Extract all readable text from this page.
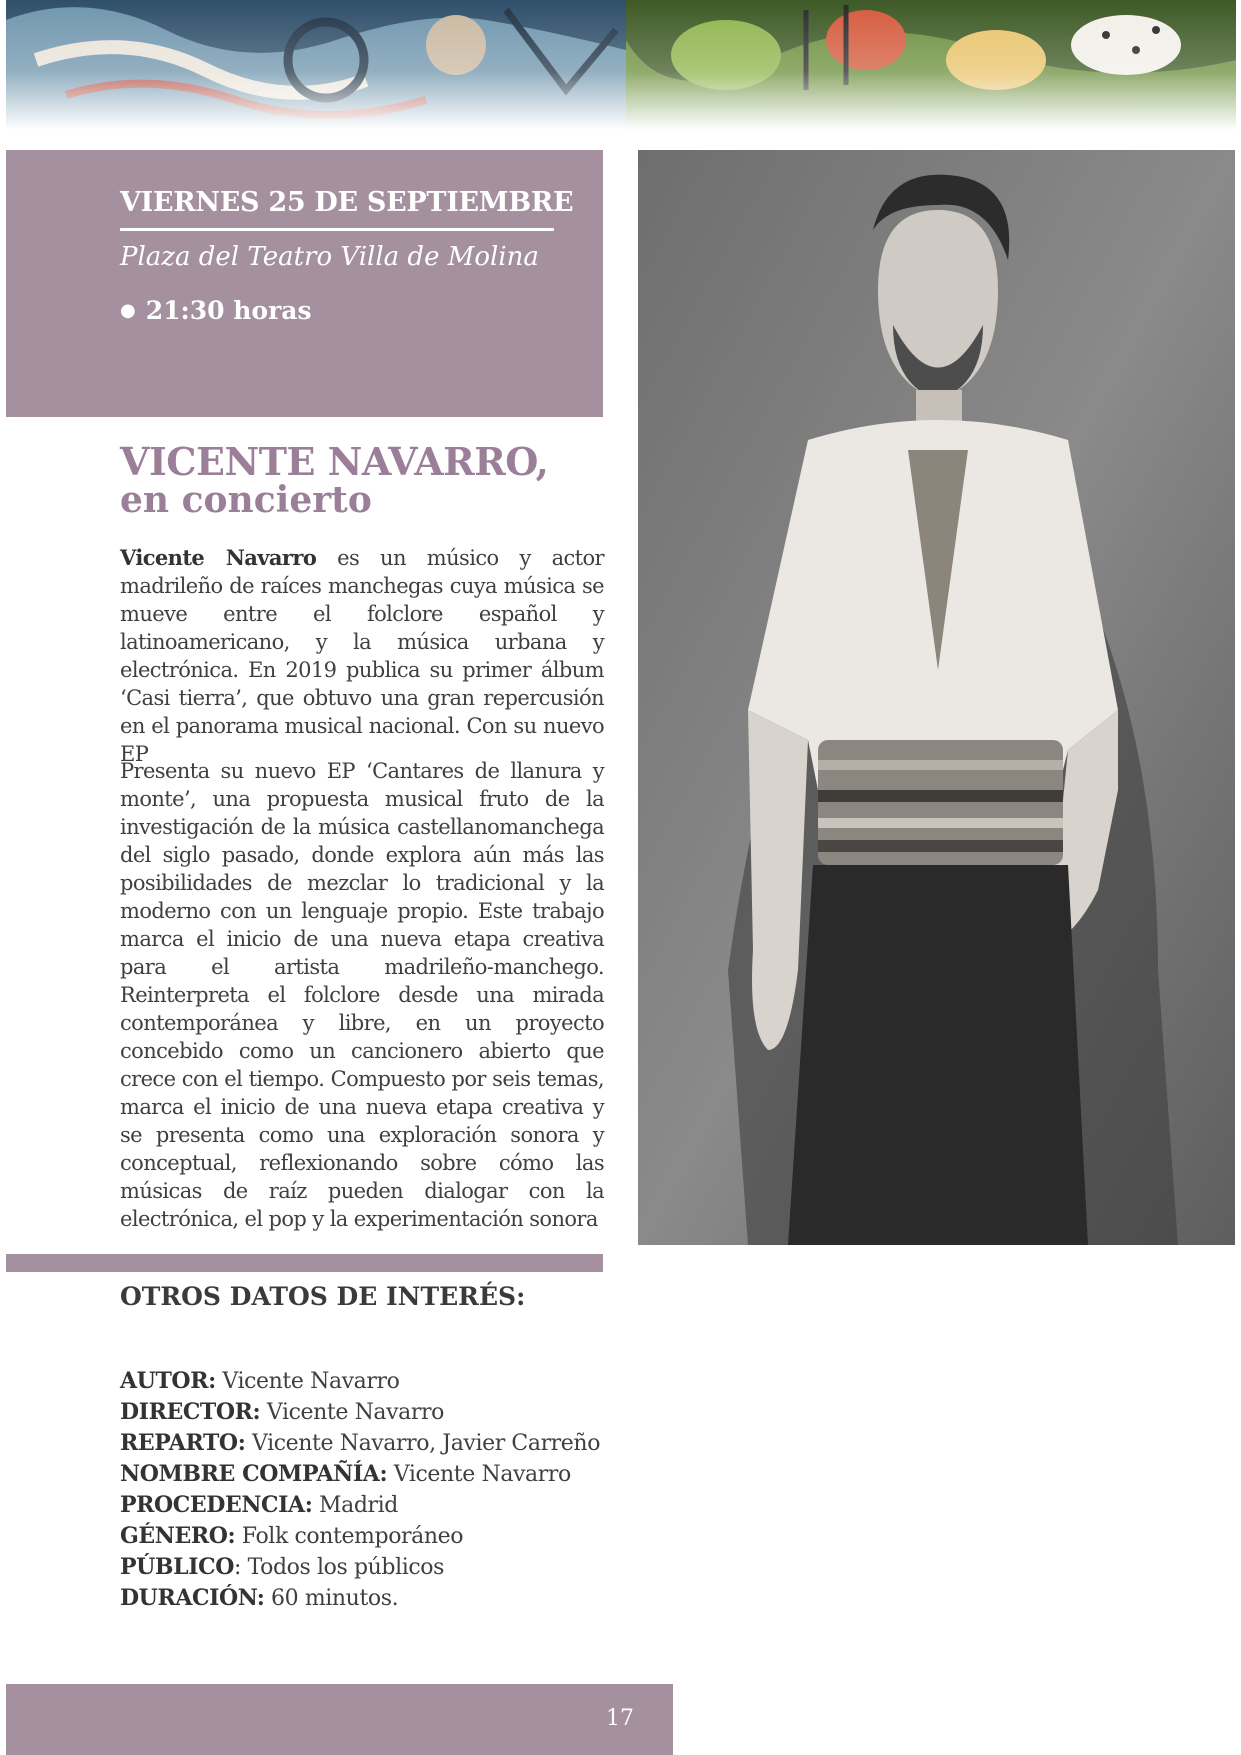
VIERNES 25 DE SEPTIEMBRE
Plaza del Teatro Villa de Molina
● 21:30 horas
VICENTE NAVARRO,
en concierto
Vicente Navarro es un músico y actor madrileño de raíces manchegas cuya música se mueve entre el folclore español y latinoamericano, y la música urbana y electrónica. En 2019 publica su primer álbum ‘Casi tierra’, que obtuvo una gran repercusión en el panorama musical nacional. Con su nuevo EP
Presenta su nuevo EP ‘Cantares de llanura y monte’, una propuesta musical fruto de la investigación de la música castellanomanchega del siglo pasado, donde explora aún más las posibilidades de mezclar lo tradicional y la moderno con un lenguaje propio. Este trabajo marca el inicio de una nueva etapa creativa para el artista madrileño-manchego. Reinterpreta el folclore desde una mirada contemporánea y libre, en un proyecto concebido como un cancionero abierto que crece con el tiempo. Compuesto por seis temas, marca el inicio de una nueva etapa creativa y se presenta como una exploración sonora y conceptual, reflexionando sobre cómo las músicas de raíz pueden dialogar con la electrónica, el pop y la experimentación sonora
OTROS DATOS DE INTERÉS:
AUTOR: Vicente Navarro
DIRECTOR: Vicente Navarro
REPARTO: Vicente Navarro, Javier Carreño
NOMBRE COMPAÑÍA: Vicente Navarro
PROCEDENCIA: Madrid
GÉNERO: Folk contemporáneo
PÚBLICO: Todos los públicos
DURACIÓN: 60 minutos.
17
